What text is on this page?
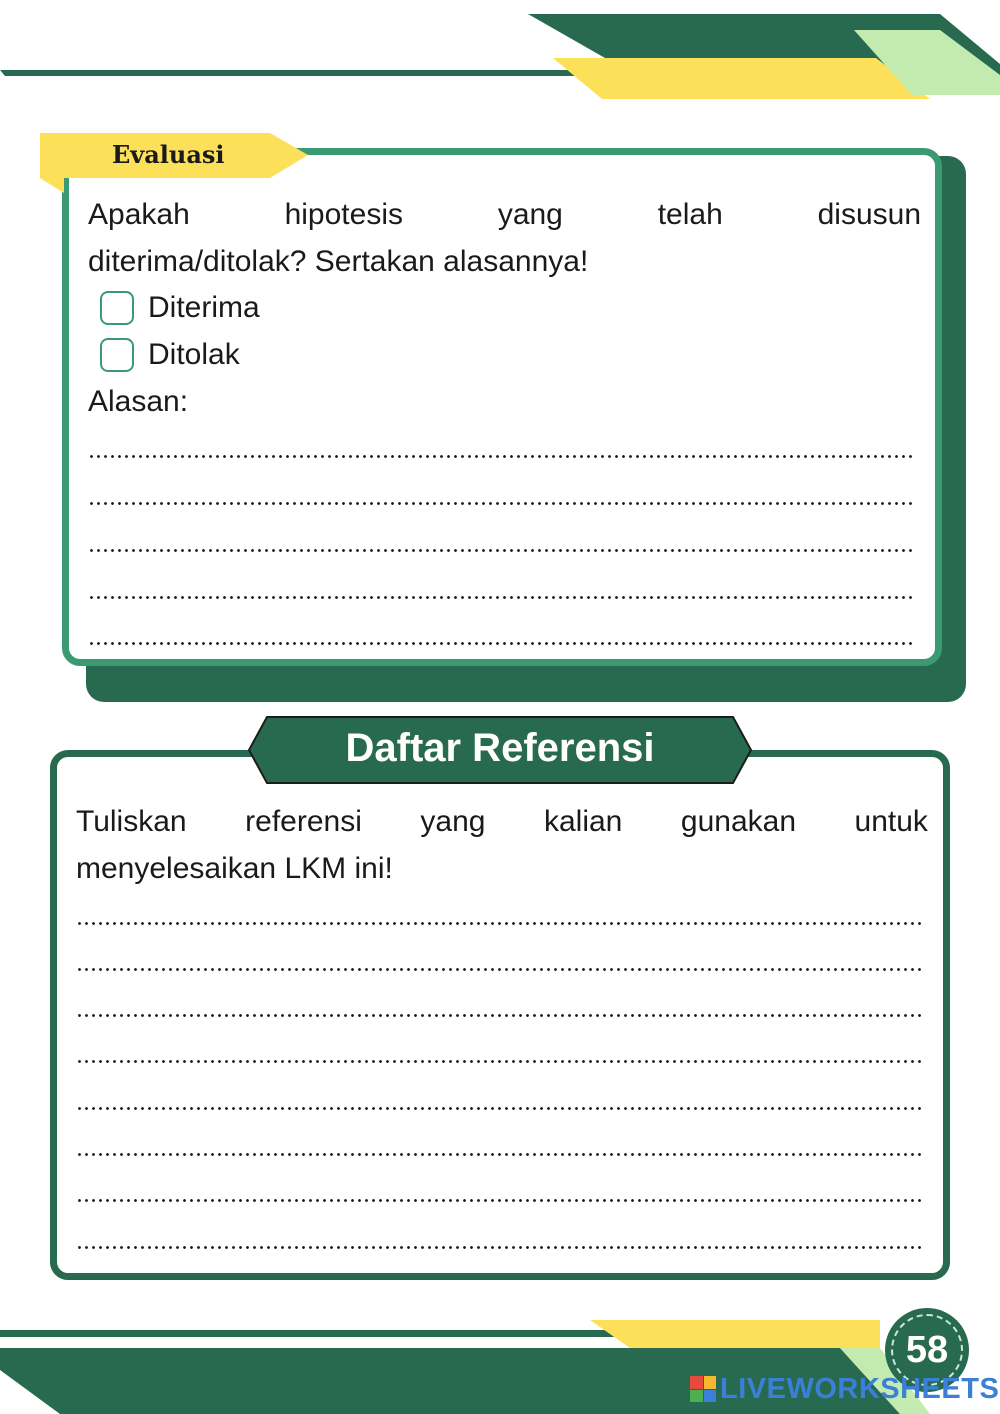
Evaluasi
Apakah	hipotesis	yang	telah	disusun
diterima/ditolak? Sertakan alasannya!
Diterima
Ditolak
Alasan:
Daftar Referensi
Tuliskan referensi yang kalian gunakan untuk
menyelesaikan LKM ini!
58
LIVEWORKSHEETS
